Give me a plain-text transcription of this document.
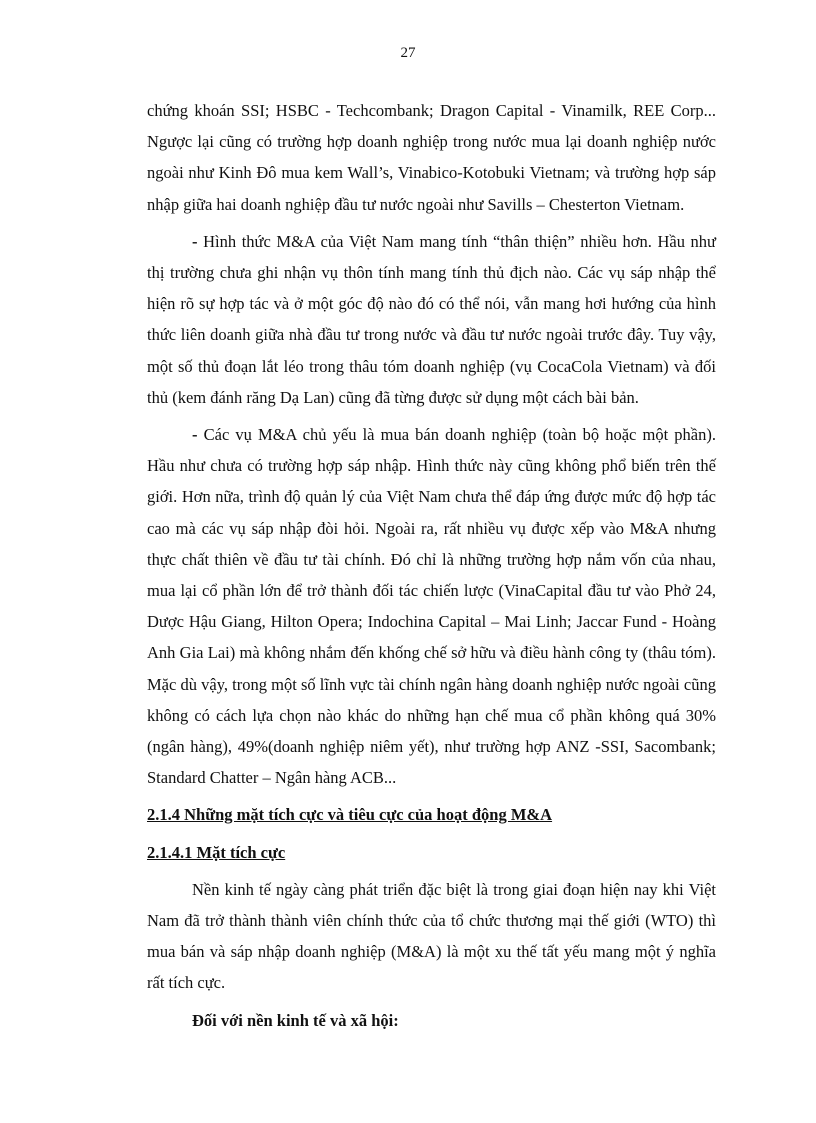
27

chứng khoán SSI; HSBC - Techcombank; Dragon Capital - Vinamilk, REE Corp... Ngược lại cũng có trường hợp doanh nghiệp trong nước mua lại doanh nghiệp nước ngoài như Kinh Đô mua kem Wall’s, Vinabico-Kotobuki Vietnam; và trường hợp sáp nhập giữa hai doanh nghiệp đầu tư nước ngoài như Savills – Chesterton Vietnam.

- Hình thức M&A của Việt Nam mang tính “thân thiện” nhiều hơn. Hầu như thị trường chưa ghi nhận vụ thôn tính mang tính thủ địch nào. Các vụ sáp nhập thể hiện rõ sự hợp tác và ở một góc độ nào đó có thể nói, vẫn mang hơi hướng của hình thức liên doanh giữa nhà đầu tư trong nước và đầu tư nước ngoài trước đây. Tuy vậy, một số thủ đoạn lắt léo trong thâu tóm doanh nghiệp (vụ CocaCola Vietnam) và đối thủ (kem đánh răng Dạ Lan) cũng đã từng được sử dụng một cách bài bản.

- Các vụ M&A chủ yếu là mua bán doanh nghiệp (toàn bộ hoặc một phần). Hầu như chưa có trường hợp sáp nhập. Hình thức này cũng không phổ biến trên thế giới. Hơn nữa, trình độ quản lý của Việt Nam chưa thể đáp ứng được mức độ hợp tác cao mà các vụ sáp nhập đòi hỏi. Ngoài ra, rất nhiều vụ được xếp vào M&A nhưng thực chất thiên về đầu tư tài chính. Đó chỉ là những trường hợp nắm vốn của nhau, mua lại cổ phần lớn để trở thành đối tác chiến lược (VinaCapital đầu tư vào Phở 24, Dược Hậu Giang, Hilton Opera; Indochina Capital – Mai Linh; Jaccar Fund - Hoàng Anh Gia Lai) mà không nhắm đến khống chế sở hữu và điều hành công ty (thâu tóm). Mặc dù vậy, trong một số lĩnh vực tài chính ngân hàng doanh nghiệp nước ngoài cũng không có cách lựa chọn nào khác do những hạn chế mua cổ phần không quá 30% (ngân hàng), 49%(doanh nghiệp niêm yết), như trường hợp ANZ -SSI, Sacombank; Standard Chatter – Ngân hàng ACB...

2.1.4 Những mặt tích cực và tiêu cực của hoạt động M&A

2.1.4.1 Mặt tích cực

Nền kinh tế ngày càng phát triển đặc biệt là trong giai đoạn hiện nay khi Việt Nam đã trở thành thành viên chính thức của tổ chức thương mại thế giới (WTO) thì mua bán và sáp nhập doanh nghiệp (M&A) là một xu thế tất yếu mang một ý nghĩa rất tích cực.

Đối với nền kinh tế và xã hội:
